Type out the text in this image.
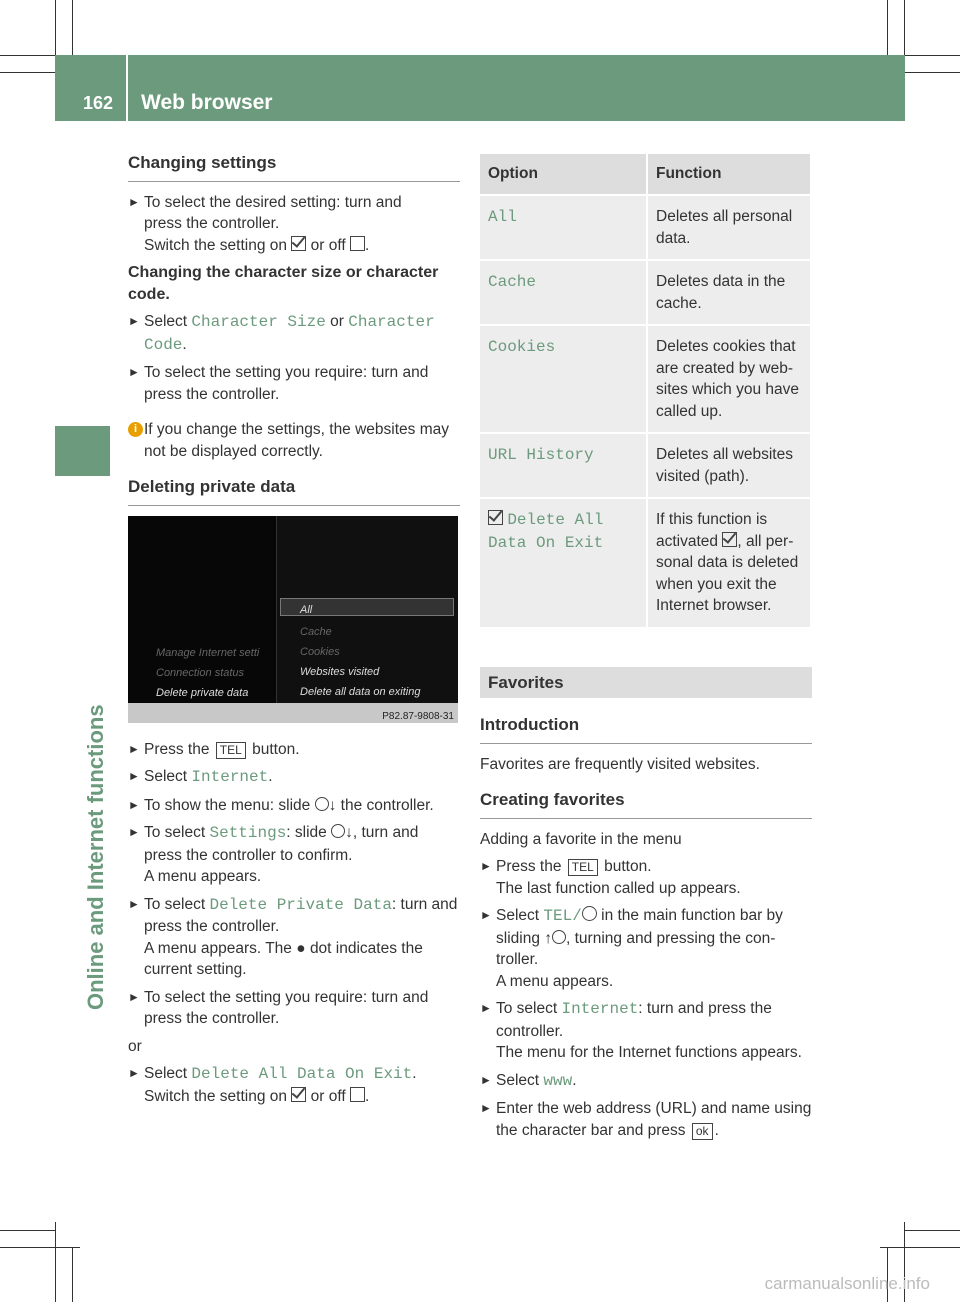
162 Web browser
Online and Internet functions
Changing settings
► To select the desired setting: turn and
press the controller.
Switch the setting on or off .
Changing the character size or character code.
► Select Character Size or Character Code.
► To select the setting you require: turn and press the controller.
i If you change the settings, the websites may not be displayed correctly.
Deleting private data
Manage Internet setti
Connection status
Delete private data
All
Cache
Cookies
Websites visited
Delete all data on exiting
P82.87-9808-31
► Press the TEL button.
► Select Internet.
► To show the menu: slide ↓ the controller.
► To select Settings: slide ↓, turn and
press the controller to confirm.
A menu appears.
► To select Delete Private Data: turn and
press the controller.
A menu appears. The ● dot indicates the
current setting.
► To select the setting you require: turn and press the controller.
or
► Select Delete All Data On Exit.
Switch the setting on or off .
Option	Function
All	Deletes all personal data.
Cache	Deletes data in the cache.
Cookies	Deletes cookies that are created by web-sites which you have called up.
URL History	Deletes all websites visited (path).
Delete All Data On Exit	If this function is activated , all per-sonal data is deleted when you exit the Internet browser.
Favorites
Introduction
Favorites are frequently visited websites.
Creating favorites
Adding a favorite in the menu
► Press the TEL button.
The last function called up appears.
► Select TEL/ in the main function bar by
sliding ↑ , turning and pressing the con-troller.
A menu appears.
► To select Internet: turn and press the controller.
The menu for the Internet functions appears.
► Select www.
► Enter the web address (URL) and name using the character bar and press ok .
carmanualsonline.info
